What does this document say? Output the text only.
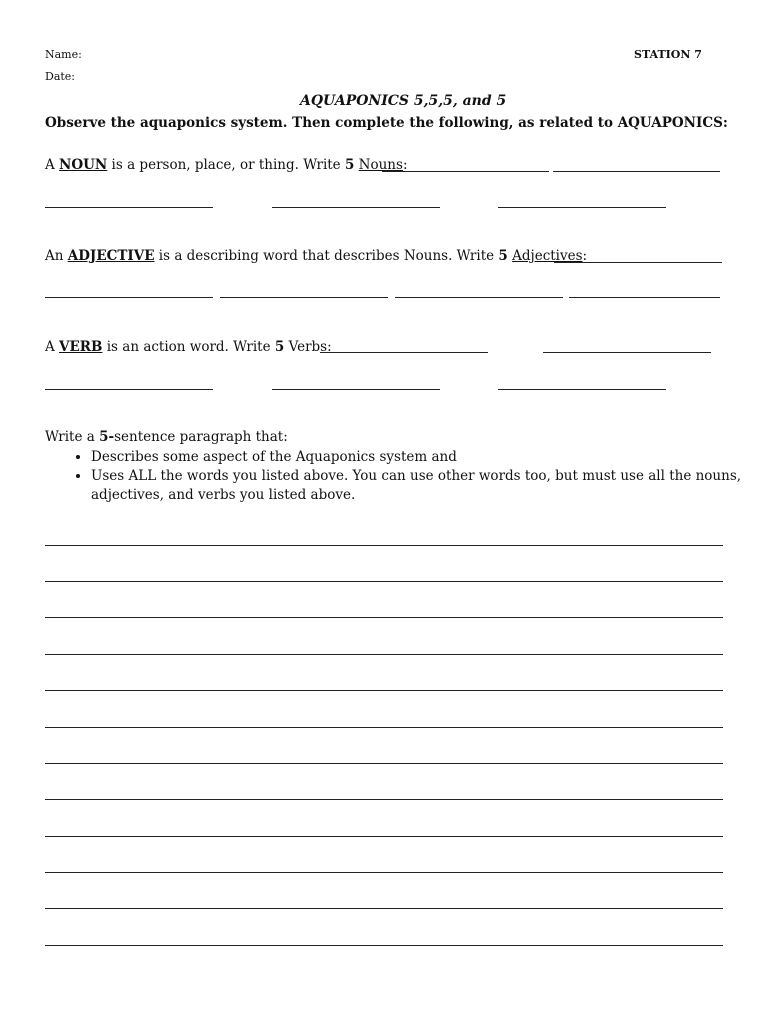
Name:
Date:
STATION 7
AQUAPONICS 5,5,5, and 5
Observe the aquaponics system. Then complete the following, as related to AQUAPONICS:
A NOUN is a person, place, or thing. Write 5 Nouns:
An ADJECTIVE is a describing word that describes Nouns. Write 5 Adjectives:
A VERB is an action word. Write 5 Verbs:
Write a 5-sentence paragraph that:
• Describes some aspect of the Aquaponics system and
• Uses ALL the words you listed above. You can use other words too, but must use all the nouns, adjectives, and verbs you listed above.
